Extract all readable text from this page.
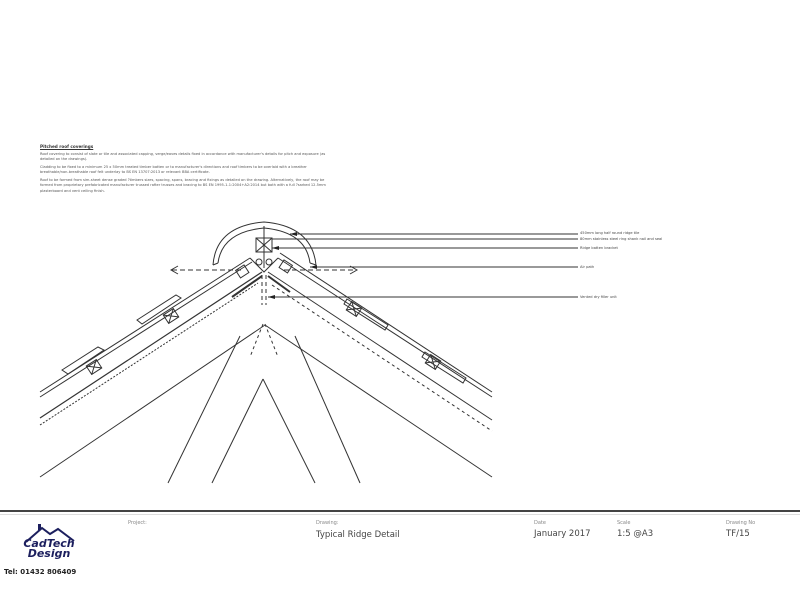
Pitched roof coverings

Roof covering to consist of slate or tile and associated capping, verge/eaves details fixed in accordance with manufacturer's details for pitch and exposure (as detailed on the drawings).

Cladding to be fixed to a minimum 25 x 50mm treated timber batten or to manufacturer's directions and roof timbers to be overlaid with a breather breathable/non-breathable roof felt underlay to BS EN 13707:2013 or relevant BBA certificate.

Roof to be formed from sim-sheet dense graded ?timbers sizes, spacing, spans, bracing and fixings as detailed on the drawing. Alternatively, the roof may be formed from proprietary prefabricated manufacturer trussed rafter trusses and bracing to BS EN 1995-1-1:2004+A2:2014 but both with a full ?sarked 12.5mm plasterboard and vent ceiling finish.

450mm long half round ridge tile
80mm stainless steel ring shank nail and seal
Ridge batten bracket
Air path
Vented dry filler unit
CadTech
Design
Tel: 01432 806409
Project:	Drawing:
Typical Ridge Detail
Date
January 2017
Scale
1:5 @A3
Drawing No
TF/15
